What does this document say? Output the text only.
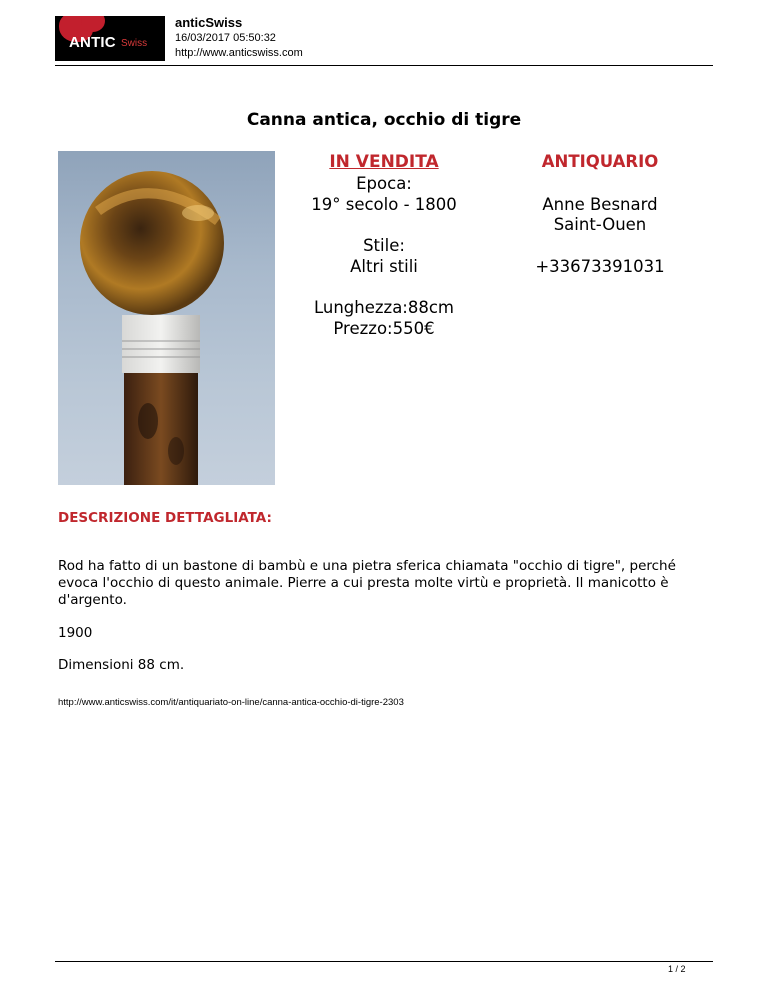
ANTIC Swiss
anticSwiss
16/03/2017 05:50:32
http://www.anticswiss.com
Canna antica, occhio di tigre
IN VENDITA
Epoca:
19° secolo - 1800
Stile:
Altri stili
Lunghezza:88cm
Prezzo:550€
ANTIQUARIO
Anne Besnard
Saint-Ouen
+33673391031
DESCRIZIONE DETTAGLIATA:
Rod ha fatto di un bastone di bambù e una pietra sferica chiamata "occhio di tigre", perché evoca l'occhio di questo animale. Pierre a cui presta molte virtù e proprietà. Il manicotto è d'argento.
1900
Dimensioni 88 cm.
http://www.anticswiss.com/it/antiquariato-on-line/canna-antica-occhio-di-tigre-2303
1 / 2
